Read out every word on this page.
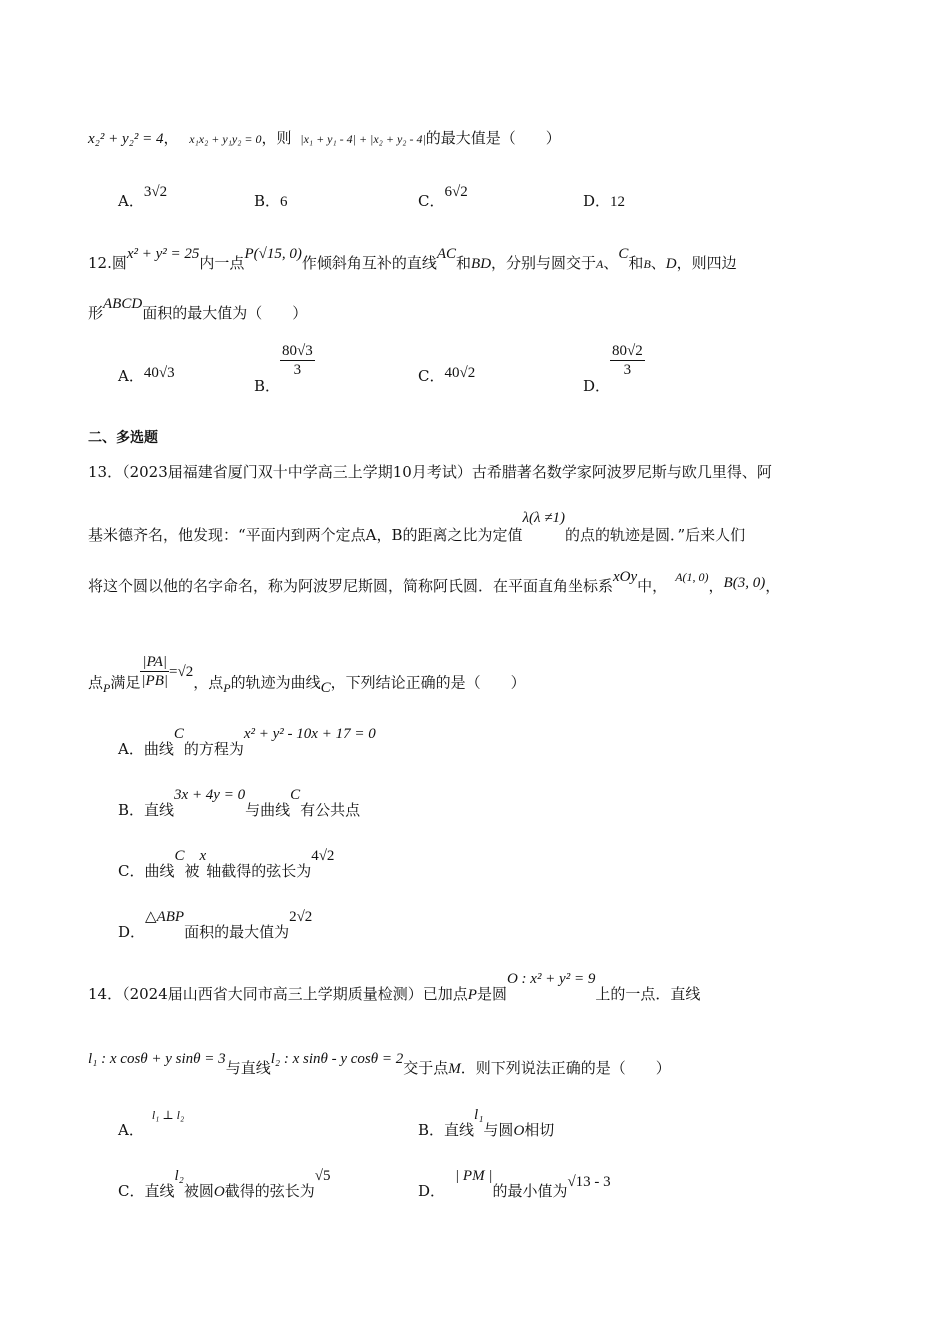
x₂² + y₂² = 4， x₁x₂ + y₁y₂ = 0，则 |x₁ + y₁ - 4| + |x₂ + y₂ - 4|的最大值是（　　）
A．3√2	B．6	C．6√2	D．12
12.圆x² + y² = 25内一点P(√15, 0)作倾斜角互补的直线AC和BD，分别与圆交于A、C和B、D，则四边
形ABCD面积的最大值为（　　）
A．40√3
B．
$\frac{80√3}{3}$	C．40√2
D．
$\frac{80√2}{3}$
二、多选题
13．（2023届福建省厦门双十中学高三上学期10月考试）古希腊著名数学家阿波罗尼斯与欧几里得、阿
基米德齐名，他发现：“平面内到两个定点A，B的距离之比为定值λ(λ ≠1)的点的轨迹是圆．”后来人们
将这个圆以他的名字命名，称为阿波罗尼斯圆，简称阿氏圆．在平面直角坐标系xOy中， $^{A(1, 0)}$，B(3, 0)，
点$_P$满足 $\frac{|PA|}{|PB|} =√2$，点$_P$的轨迹为曲线C，下列结论正确的是（　　）
A．曲线C的方程为x² + y² - 10x + 17 = 0
B．直线3x + 4y = 0与曲线C有公共点
C．曲线C被x轴截得的弦长为4√2
D．△ABP面积的最大值为2√2
14．（2024届山西省大同市高三上学期质量检测）已加点P是圆O : x² + y² = 9上的一点．直线
l₁ : x cosθ + y sinθ = 3与直线l₂ : x sinθ - y cosθ = 2交于点M．则下列说法正确的是（　　）
A．$^{l_1 \perp l_2}$
B．直线l₁与圆O相切
C．直线l₂被圆O截得的弦长为√5
D．| PM |的最小值为√13 - 3
